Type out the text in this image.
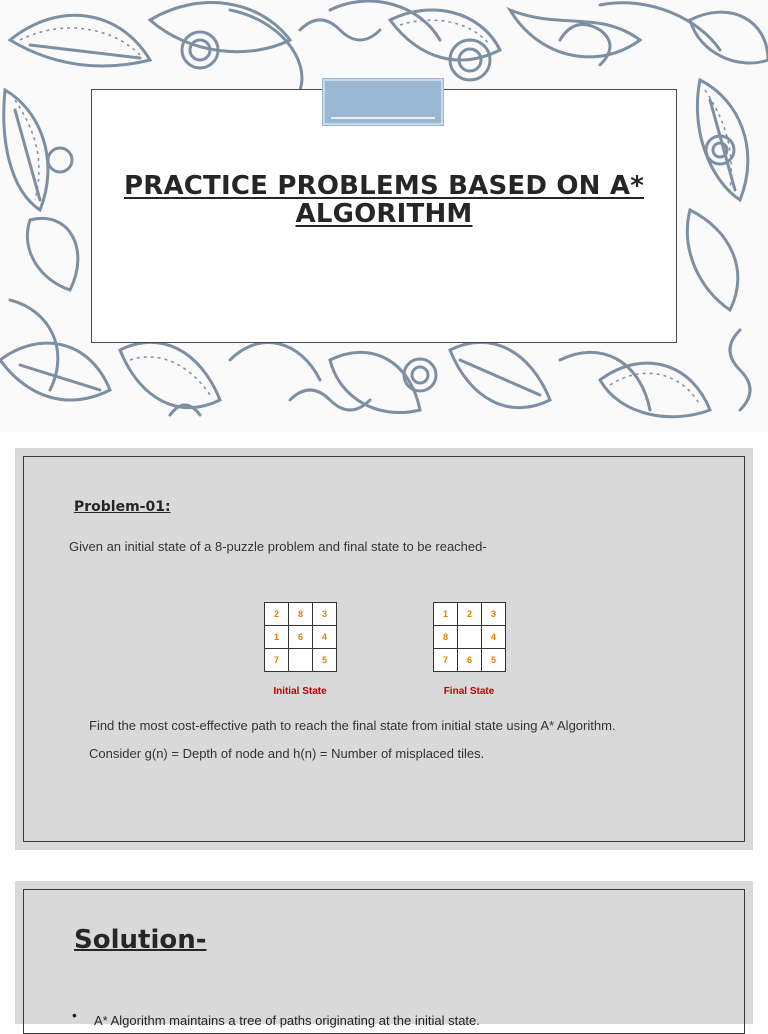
PRACTICE PROBLEMS BASED ON A*
ALGORITHM
Problem-01:
Given an initial state of a 8-puzzle problem and final state to be reached-
2	8	3
1	6	4
7		5
Initial State
1	2	3
8		4
7	6	5
Final State
Find the most cost-effective path to reach the final state from initial state using A* Algorithm.
Consider g(n) = Depth of node and h(n) = Number of misplaced tiles.
Solution-
• A* Algorithm maintains a tree of paths originating at the initial state.
